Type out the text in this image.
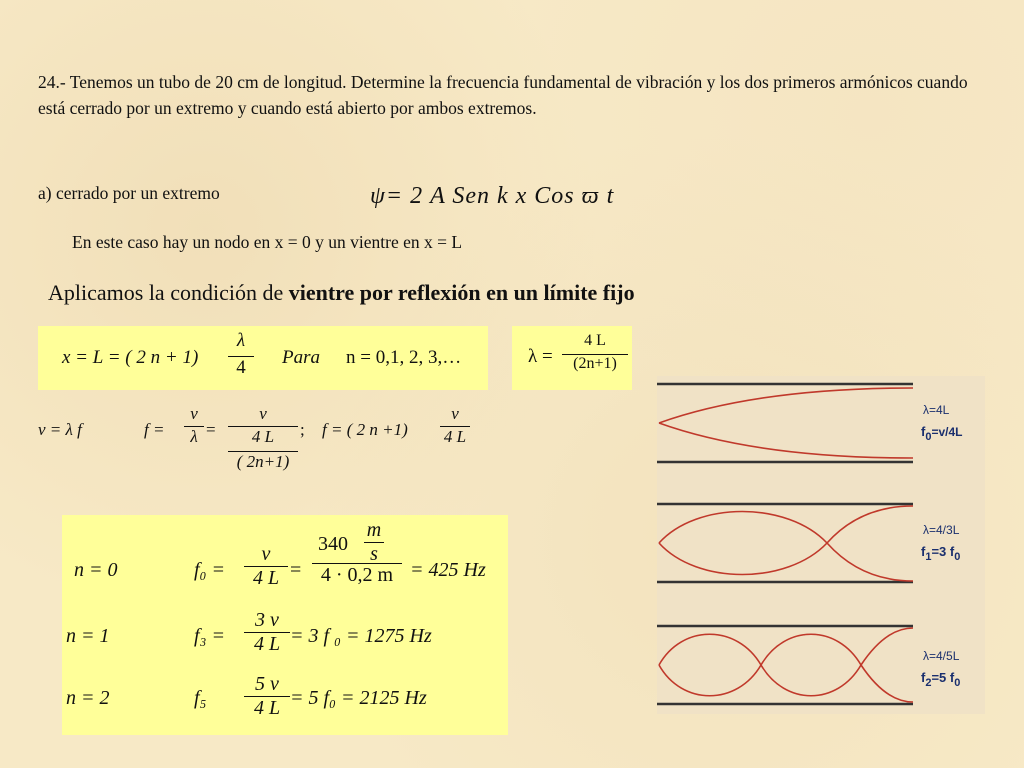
24.- Tenemos un tubo de 20 cm de longitud. Determine la frecuencia fundamental de vibración y los dos primeros armónicos cuando está cerrado por un extremo y cuando está abierto por ambos extremos.
a) cerrado por un extremo	ψ= 2 A Sen k x Cos ϖ t
En este caso hay un nodo en x = 0 y un vientre en x = L
Aplicamos la condición de vientre por reflexión en un límite fijo
x = L = ( 2 $n + 1) \frac{\lambda}{4}$ Para n = 0,1, 2, 3,…	$\lambda = \frac{4 L}{(2n+1)}$
v = λ f	$f = \frac{v}{\lambda}$ =
v
4 L
( 2n+1)
; f = ( 2 $n +1) \frac{v}{4 L}$
n = 0	$f_0 = \frac{v}{4 L}$ =
340
m
s
4 · 0,2 m = 425 Hz
n = 1	$f_3 = \frac{3 v}{4 L} = 3$ f ₀ = 1275 Hz
n = 2	$f_5 \frac{5 v}{4 L} = 5$ f₀ = 2125 Hz
λ=4L
$f_0=v/4L$
λ=4/3L
$f_1=3$ $f_0$
λ=4/5L
$f_2=5$ $f_0$
